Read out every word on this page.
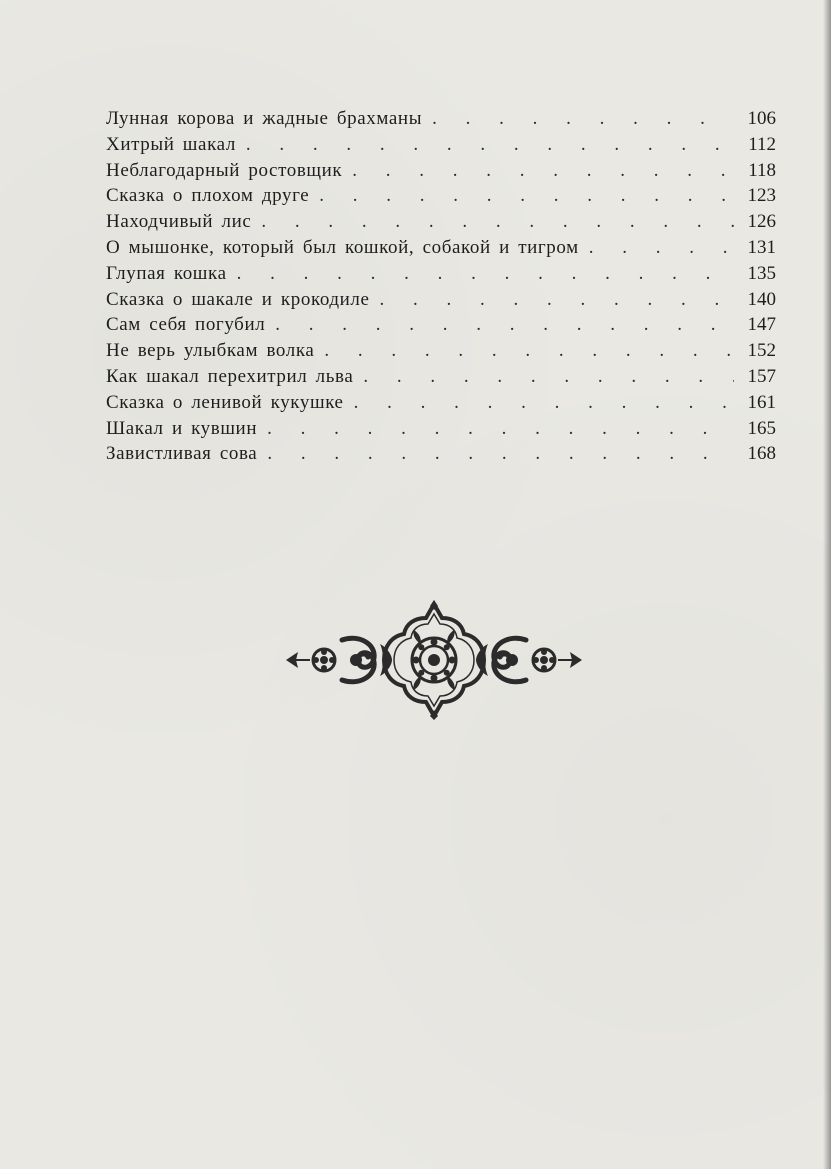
Лунная корова и жадные брахманы . . .	106
Хитрый шакал . . .	112
Неблагодарный ростовщик . . .	118
Сказка о плохом друге . . .	123
Находчивый лис . . .	126
О мышонке, который был кошкой, собакой и тигром . . .	131
Глупая кошка . . .	135
Сказка о шакале и крокодиле . . .	140
Сам себя погубил . . .	147
Не верь улыбкам волка . . .	152
Как шакал перехитрил льва . . .	157
Сказка о ленивой кукушке . . .	161
Шакал и кувшин . . .	165
Завистливая сова . . .	168
